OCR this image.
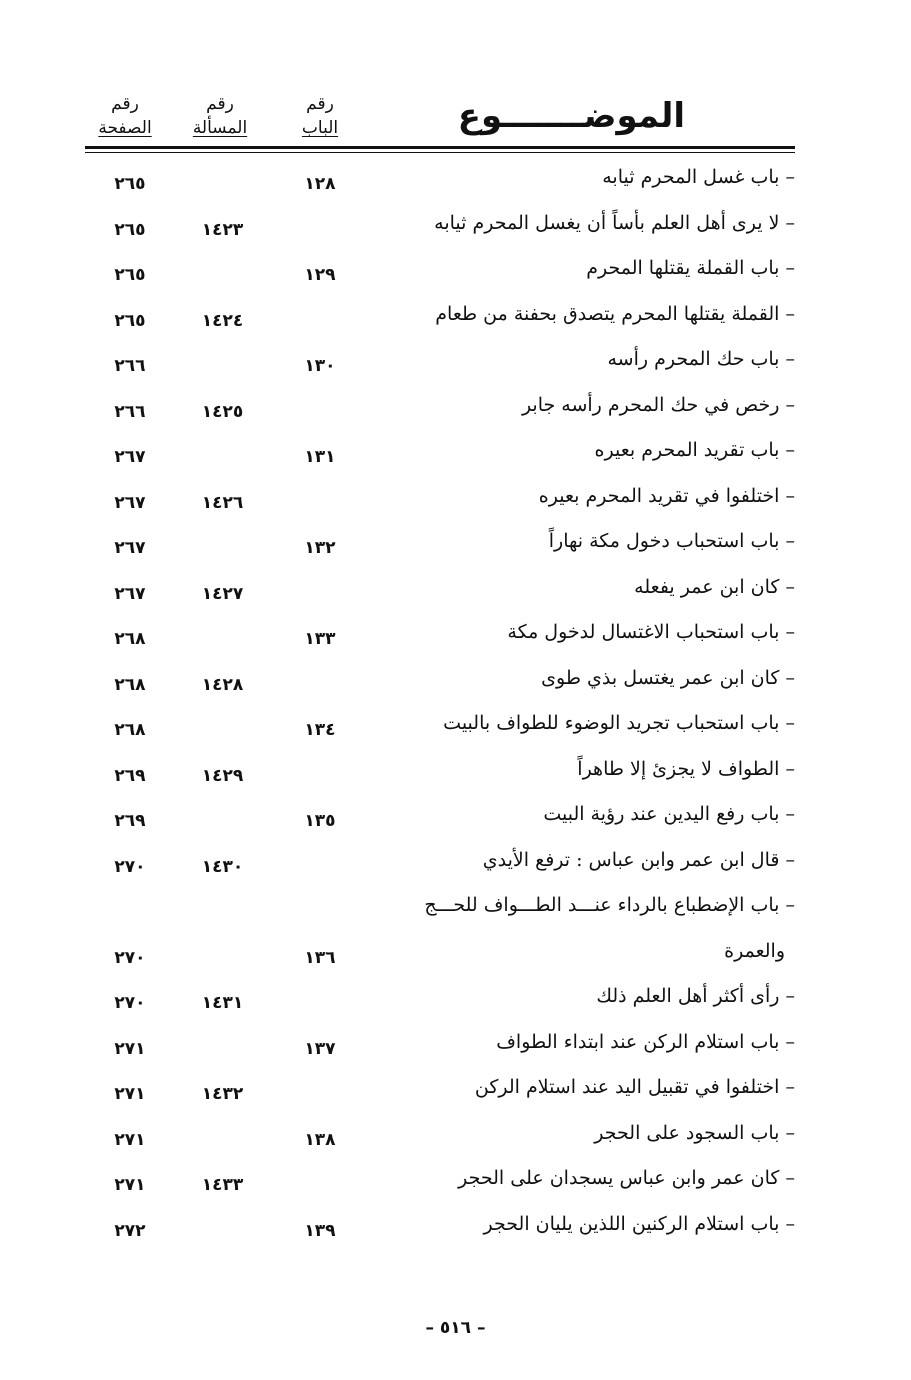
الموضـــــــوع
رقم
الباب
رقم
المسألة
رقم
الصفحة
– باب غسل المحرم ثيابه
١٢٨
٢٦٥
– لا يرى أهل العلم بأساً أن يغسل المحرم ثيابه
١٤٢٣
٢٦٥
– باب القملة يقتلها المحرم
١٢٩
٢٦٥
– القملة يقتلها المحرم يتصدق بحفنة من طعام
١٤٢٤
٢٦٥
– باب حك المحرم رأسه
١٣٠
٢٦٦
– رخص في حك المحرم رأسه جابر
١٤٢٥
٢٦٦
– باب تقريد المحرم بعيره
١٣١
٢٦٧
– اختلفوا في تقريد المحرم بعيره
١٤٢٦
٢٦٧
– باب استحباب دخول مكة نهاراً
١٣٢
٢٦٧
– كان ابن عمر يفعله
١٤٢٧
٢٦٧
– باب استحباب الاغتسال لدخول مكة
١٣٣
٢٦٨
– كان ابن عمر يغتسل بذي طوى
١٤٢٨
٢٦٨
– باب استحباب تجريد الوضوء للطواف بالبيت
١٣٤
٢٦٨
– الطواف لا يجزئ إلا طاهراً
١٤٢٩
٢٦٩
– باب رفع اليدين عند رؤية البيت
١٣٥
٢٦٩
– قال ابن عمر وابن عباس : ترفع الأيدي
١٤٣٠
٢٧٠
– باب الإضطباع بالرداء عنـــد الطـــواف للحـــج
والعمرة
١٣٦
٢٧٠
– رأى أكثر أهل العلم ذلك
١٤٣١
٢٧٠
– باب استلام الركن عند ابتداء الطواف
١٣٧
٢٧١
– اختلفوا في تقبيل اليد عند استلام الركن
١٤٣٢
٢٧١
– باب السجود على الحجر
١٣٨
٢٧١
– كان عمر وابن عباس يسجدان على الحجر
١٤٣٣
٢٧١
– باب استلام الركنين اللذين يليان الحجر
١٣٩
٢٧٢
– ٥١٦ –
